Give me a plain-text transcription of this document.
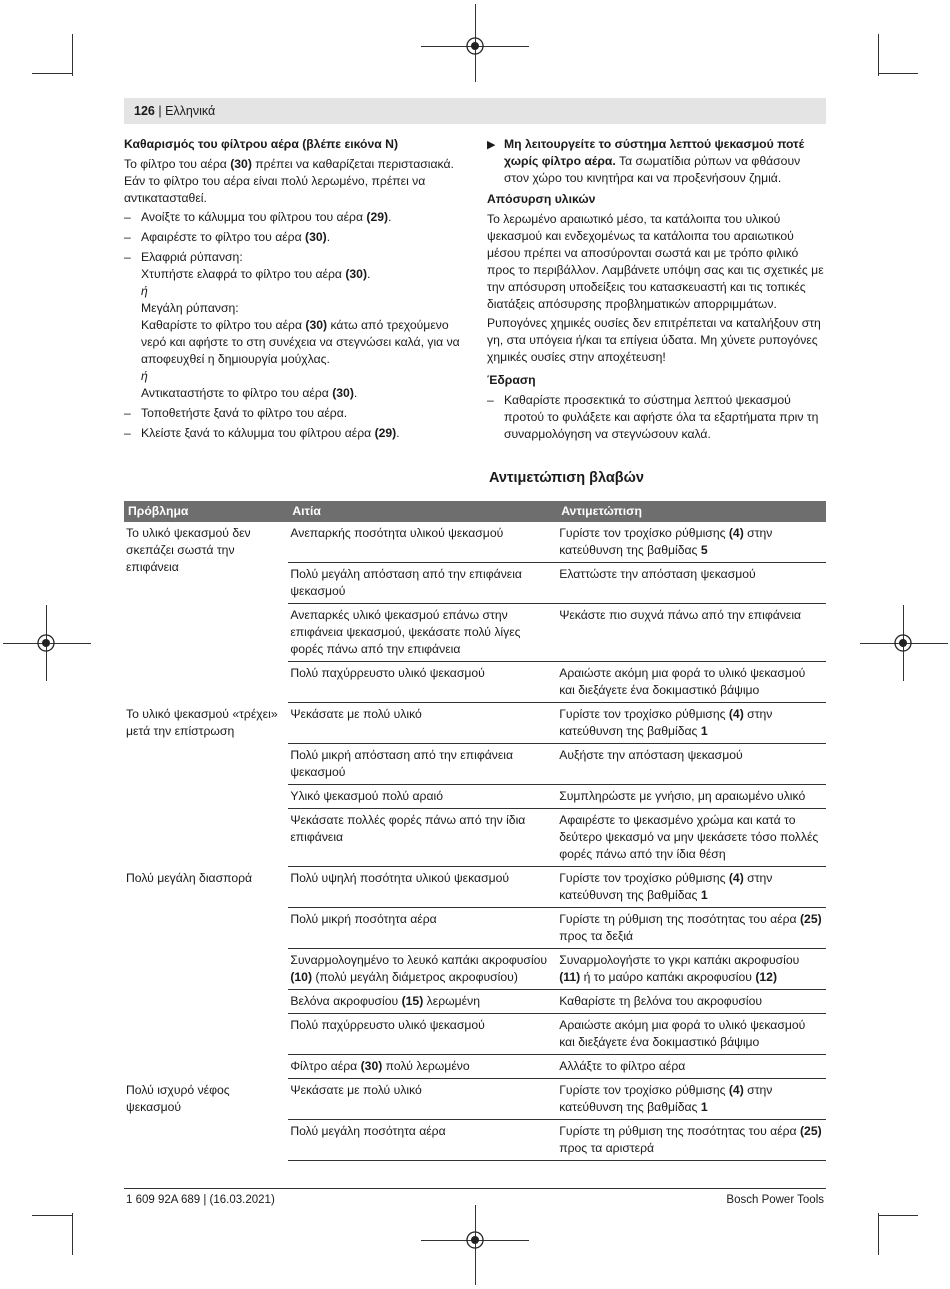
126 | Ελληνικά
Καθαρισμός του φίλτρου αέρα (βλέπε εικόνα N)

Το φίλτρο του αέρα (30) πρέπει να καθαρίζεται περιστασιακά. Εάν το φίλτρο του αέρα είναι πολύ λερωμένο, πρέπει να αντικατασταθεί.

– Ανοίξτε το κάλυμμα του φίλτρου του αέρα (29).
– Αφαιρέστε το φίλτρο του αέρα (30).
– Ελαφριά ρύπανση:
Χτυπήστε ελαφρά το φίλτρο του αέρα (30).
ή
Μεγάλη ρύπανση:
Καθαρίστε το φίλτρο του αέρα (30) κάτω από τρεχούμενο νερό και αφήστε το στη συνέχεια να στεγνώσει καλά, για να αποφευχθεί η δημιουργία μούχλας.
ή
Αντικαταστήστε το φίλτρο του αέρα (30).
– Τοποθετήστε ξανά το φίλτρο του αέρα.
– Κλείστε ξανά το κάλυμμα του φίλτρου αέρα (29).
▶ Μη λειτουργείτε το σύστημα λεπτού ψεκασμού ποτέ χωρίς φίλτρο αέρα. Τα σωματίδια ρύπων να φθάσουν στον χώρο του κινητήρα και να προξενήσουν ζημιά.
Απόσυρση υλικών

Το λερωμένο αραιωτικό μέσο, τα κατάλοιπα του υλικού ψεκασμού και ενδεχομένως τα κατάλοιπα του αραιωτικού μέσου πρέπει να αποσύρονται σωστά και με τρόπο φιλικό προς το περιβάλλον. Λαμβάνετε υπόψη σας και τις σχετικές με την απόσυρση υποδείξεις του κατασκευαστή και τις τοπικές διατάξεις απόσυρσης προβληματικών απορριμμάτων.

Ρυπογόνες χημικές ουσίες δεν επιτρέπεται να καταλήξουν στη γη, στα υπόγεια ή/και τα επίγεια ύδατα. Μη χύνετε ρυπογόνες χημικές ουσίες στην αποχέτευση!

Έδραση
– Καθαρίστε προσεκτικά το σύστημα λεπτού ψεκασμού προτού το φυλάξετε και αφήστε όλα τα εξαρτήματα πριν τη συναρμολόγηση να στεγνώσουν καλά.
Αντιμετώπιση βλαβών
Πρόβλημα	Αιτία	Αντιμετώπιση
Το υλικό ψεκασμού δεν σκεπάζει σωστά την επιφάνεια	Ανεπαρκής ποσότητα υλικού ψεκασμού	Γυρίστε τον τροχίσκο ρύθμισης (4) στην κατεύθυνση της βαθμίδας 5
	Πολύ μεγάλη απόσταση από την επιφάνεια ψεκασμού	Ελαττώστε την απόσταση ψεκασμού
	Ανεπαρκές υλικό ψεκασμού επάνω στην επιφάνεια ψεκασμού, ψεκάσατε πολύ λίγες φορές πάνω από την επιφάνεια	Ψεκάστε πιο συχνά πάνω από την επιφάνεια
	Πολύ παχύρρευστο υλικό ψεκασμού	Αραιώστε ακόμη μια φορά το υλικό ψεκασμού και διεξάγετε ένα δοκιμαστικό βάψιμο
Το υλικό ψεκασμού «τρέχει» μετά την επίστρωση	Ψεκάσατε με πολύ υλικό	Γυρίστε τον τροχίσκο ρύθμισης (4) στην κατεύθυνση της βαθμίδας 1
	Πολύ μικρή απόσταση από την επιφάνεια ψεκασμού	Αυξήστε την απόσταση ψεκασμού
	Υλικό ψεκασμού πολύ αραιό	Συμπληρώστε με γνήσιο, μη αραιωμένο υλικό
	Ψεκάσατε πολλές φορές πάνω από την ίδια επιφάνεια	Αφαιρέστε το ψεκασμένο χρώμα και κατά το δεύτερο ψεκασμό να μην ψεκάσετε τόσο πολλές φορές πάνω από την ίδια θέση
Πολύ μεγάλη διασπορά	Πολύ υψηλή ποσότητα υλικού ψεκασμού	Γυρίστε τον τροχίσκο ρύθμισης (4) στην κατεύθυνση της βαθμίδας 1
	Πολύ μικρή ποσότητα αέρα	Γυρίστε τη ρύθμιση της ποσότητας του αέρα (25) προς τα δεξιά
	Συναρμολογημένο το λευκό καπάκι ακροφυσίου (10) (πολύ μεγάλη διάμετρος ακροφυσίου)	Συναρμολογήστε το γκρι καπάκι ακροφυσίου (11) ή το μαύρο καπάκι ακροφυσίου (12)
	Βελόνα ακροφυσίου (15) λερωμένη	Καθαρίστε τη βελόνα του ακροφυσίου
	Πολύ παχύρρευστο υλικό ψεκασμού	Αραιώστε ακόμη μια φορά το υλικό ψεκασμού και διεξάγετε ένα δοκιμαστικό βάψιμο
	Φίλτρο αέρα (30) πολύ λερωμένο	Αλλάξτε το φίλτρο αέρα
Πολύ ισχυρό νέφος ψεκασμού	Ψεκάσατε με πολύ υλικό	Γυρίστε τον τροχίσκο ρύθμισης (4) στην κατεύθυνση της βαθμίδας 1
	Πολύ μεγάλη ποσότητα αέρα	Γυρίστε τη ρύθμιση της ποσότητας του αέρα (25) προς τα αριστερά
1 609 92A 689 | (16.03.2021)	Bosch Power Tools
